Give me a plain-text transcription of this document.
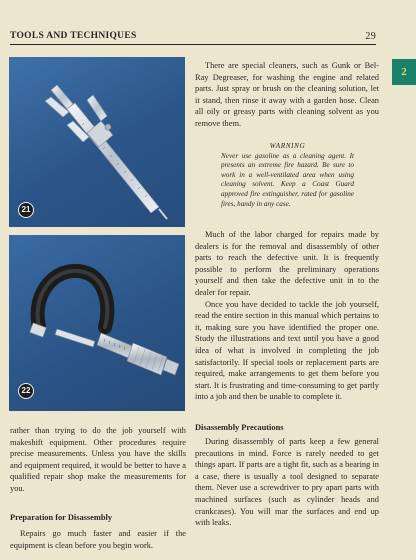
TOOLS AND TECHNIQUES	29
2
21
22

There are special cleaners, such as Gunk or Bel-Ray Degreaser, for washing the engine and related parts. Just spray or brush on the cleaning solution, let it stand, then rinse it away with a garden hose. Clean all oily or greasy parts with cleaning solvent as you remove them.

WARNING
Never use gasoline as a cleaning agent. It presents an extreme fire hazard. Be sure to work in a well-ventilated area when using cleaning solvent. Keep a Coast Guard approved fire extinguisher, rated for gasoline fires, handy in any case.

Much of the labor charged for repairs made by dealers is for the removal and disassembly of other parts to reach the defective unit. It is frequently possible to perform the preliminary operations yourself and then take the defective unit in to the dealer for repair.

Once you have decided to tackle the job yourself, read the entire section in this manual which pertains to it, making sure you have identified the proper one. Study the illustrations and text until you have a good idea of what is involved in completing the job satisfactorily. If special tools or replacement parts are required, make arrangements to get them before you start. It is frustrating and time-consuming to get partly into a job and then be unable to complete it.

rather than trying to do the job yourself with makeshift equipment. Other procedures require precise measurements. Unless you have the skills and equipment required, it would be better to have a qualified repair shop make the measurements for you.

Preparation for Disassembly

Repairs go much faster and easier if the equipment is clean before you begin work.

Disassembly Precautions

During disassembly of parts keep a few general precautions in mind. Force is rarely needed to get things apart. If parts are a tight fit, such as a bearing in a case, there is usually a tool designed to separate them. Never use a screwdriver to pry apart parts with machined surfaces (such as cylinder heads and crankcases). You will mar the surfaces and end up with leaks.
